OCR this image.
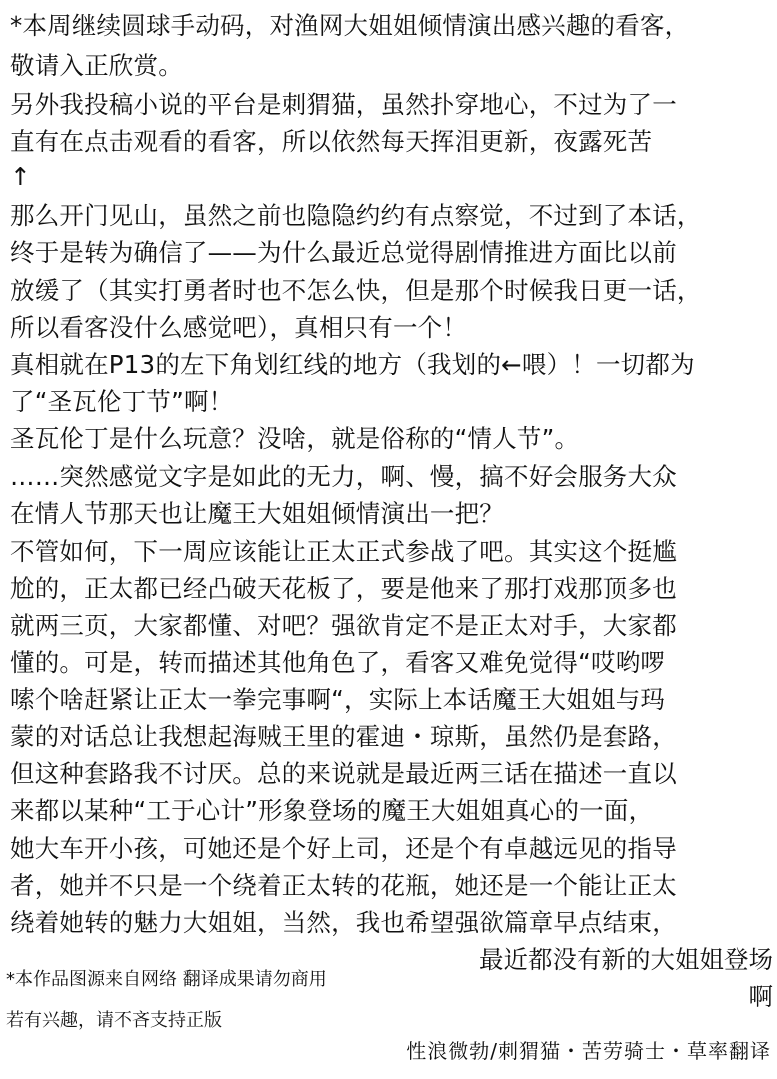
*本周继续圆球手动码，对渔网大姐姐倾情演出感兴趣的看客，
敬请入正欣赏。
另外我投稿小说的平台是刺猬猫，虽然扑穿地心，不过为了一
直有在点击观看的看客，所以依然每天挥泪更新，夜露死苦
↑
那么开门见山，虽然之前也隐隐约约有点察觉，不过到了本话，
终于是转为确信了——为什么最近总觉得剧情推进方面比以前
放缓了（其实打勇者时也不怎么快，但是那个时候我日更一话，
所以看客没什么感觉吧），真相只有一个！
真相就在P13的左下角划红线的地方（我划的←喂）！一切都为
了“圣瓦伦丁节”啊！
圣瓦伦丁是什么玩意？没啥，就是俗称的“情人节”。
……突然感觉文字是如此的无力，啊、慢，搞不好会服务大众
在情人节那天也让魔王大姐姐倾情演出一把？
不管如何，下一周应该能让正太正式参战了吧。其实这个挺尴
尬的，正太都已经凸破天花板了，要是他来了那打戏那顶多也
就两三页，大家都懂、对吧？强欲肯定不是正太对手，大家都
懂的。可是，转而描述其他角色了，看客又难免觉得“哎哟啰
嗦个啥赶紧让正太一拳完事啊“，实际上本话魔王大姐姐与玛
蒙的对话总让我想起海贼王里的霍迪・琼斯，虽然仍是套路，
但这种套路我不讨厌。总的来说就是最近两三话在描述一直以
来都以某种“工于心计”形象登场的魔王大姐姐真心的一面，
她大车开小孩，可她还是个好上司，还是个有卓越远见的指导
者，她并不只是一个绕着正太转的花瓶，她还是一个能让正太
绕着她转的魅力大姐姐，当然，我也希望强欲篇章早点结束，
最近都没有新的大姐姐登场
啊
*本作品图源来自网络 翻译成果请勿商用
若有兴趣，请不吝支持正版
性浪微勃/刺猬猫・苦劳骑士・草率翻译
